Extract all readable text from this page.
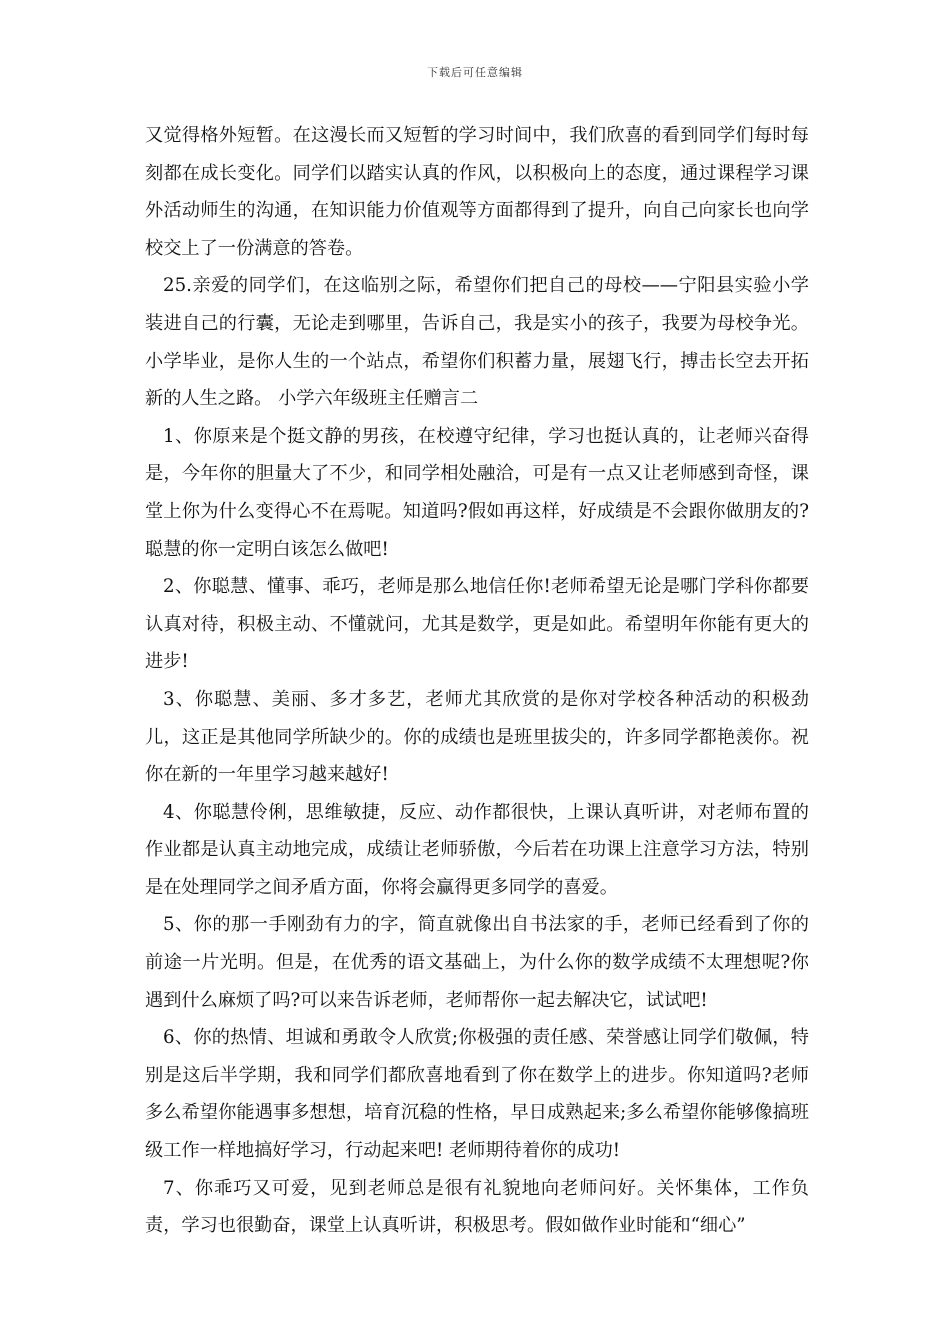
下载后可任意编辑

又觉得格外短暂。在这漫长而又短暂的学习时间中，我们欣喜的看到同学们每时每刻都在成长变化。同学们以踏实认真的作风，以积极向上的态度，通过课程学习课外活动师生的沟通，在知识能力价值观等方面都得到了提升，向自己向家长也向学校交上了一份满意的答卷。

25.亲爱的同学们，在这临别之际，希望你们把自己的母校——宁阳县实验小学装进自己的行囊，无论走到哪里，告诉自己，我是实小的孩子，我要为母校争光。小学毕业，是你人生的一个站点，希望你们积蓄力量，展翅飞行，搏击长空去开拓新的人生之路。 小学六年级班主任赠言二

1、你原来是个挺文静的男孩，在校遵守纪律，学习也挺认真的，让老师兴奋得是，今年你的胆量大了不少，和同学相处融洽，可是有一点又让老师感到奇怪，课堂上你为什么变得心不在焉呢。知道吗?假如再这样，好成绩是不会跟你做朋友的?聪慧的你一定明白该怎么做吧!

2、你聪慧、懂事、乖巧，老师是那么地信任你!老师希望无论是哪门学科你都要认真对待，积极主动、不懂就问，尤其是数学，更是如此。希望明年你能有更大的进步!

3、你聪慧、美丽、多才多艺，老师尤其欣赏的是你对学校各种活动的积极劲儿，这正是其他同学所缺少的。你的成绩也是班里拔尖的，许多同学都艳羡你。祝你在新的一年里学习越来越好!

4、你聪慧伶俐，思维敏捷，反应、动作都很快，上课认真听讲，对老师布置的作业都是认真主动地完成，成绩让老师骄傲，今后若在功课上注意学习方法，特别是在处理同学之间矛盾方面，你将会赢得更多同学的喜爱。

5、你的那一手刚劲有力的字，简直就像出自书法家的手，老师已经看到了你的前途一片光明。但是，在优秀的语文基础上，为什么你的数学成绩不太理想呢?你遇到什么麻烦了吗?可以来告诉老师，老师帮你一起去解决它，试试吧!

6、你的热情、坦诚和勇敢令人欣赏;你极强的责任感、荣誉感让同学们敬佩，特别是这后半学期，我和同学们都欣喜地看到了你在数学上的进步。你知道吗?老师多么希望你能遇事多想想，培育沉稳的性格，早日成熟起来;多么希望你能够像搞班级工作一样地搞好学习，行动起来吧! 老师期待着你的成功!

7、你乖巧又可爱，见到老师总是很有礼貌地向老师问好。关怀集体，工作负责，学习也很勤奋，课堂上认真听讲，积极思考。假如做作业时能和“细心”
